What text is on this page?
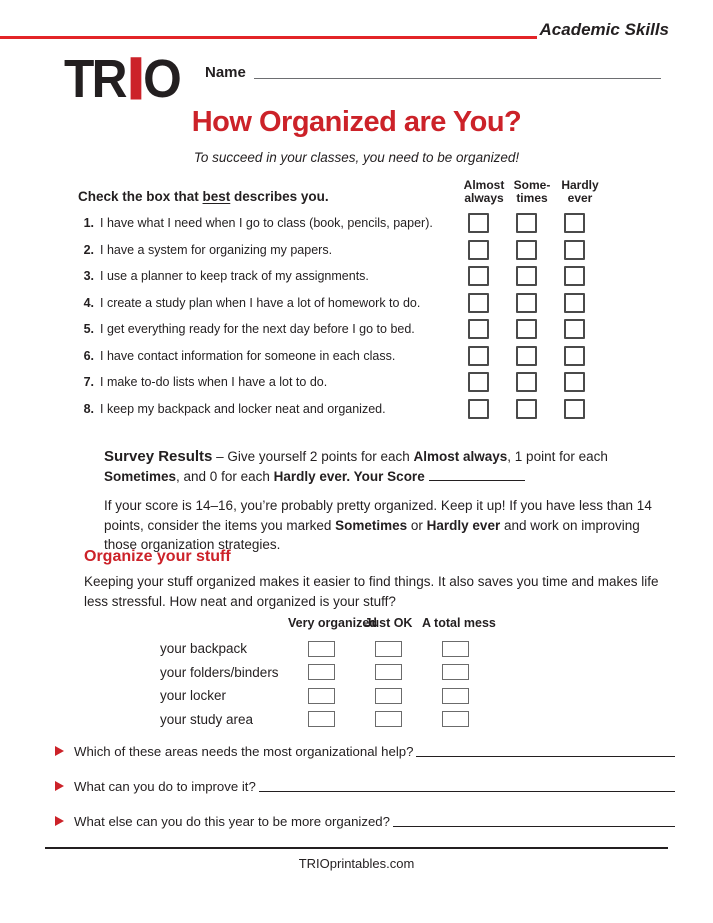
Academic Skills
TR I O Name
How Organized are You?
To succeed in your classes, you need to be organized!
Check the box that best describes you.
Almost
always
Some-
times
Hardly
ever
1. I have what I need when I go to class (book, pencils, paper).
2. I have a system for organizing my papers.
3. I use a planner to keep track of my assignments.
4. I create a study plan when I have a lot of homework to do.
5. I get everything ready for the next day before I go to bed.
6. I have contact information for someone in each class.
7. I make to-do lists when I have a lot to do.
8. I keep my backpack and locker neat and organized.
Survey Results – Give yourself 2 points for each Almost always, 1 point for each Sometimes, and 0 for each Hardly ever. Your Score
If your score is 14–16, you’re probably pretty organized. Keep it up! If you have less than 14 points, consider the items you marked Sometimes or Hardly ever and work on improving those organization strategies.
Organize your stuff
Keeping your stuff organized makes it easier to find things. It also saves you time and makes life less stressful. How neat and organized is your stuff?
Very organized
Just OK A total mess
your backpack
your folders/binders
your locker
your study area
Which of these areas needs the most organizational help?
What can you do to improve it?
What else can you do this year to be more organized?
TRIOprintables.com
